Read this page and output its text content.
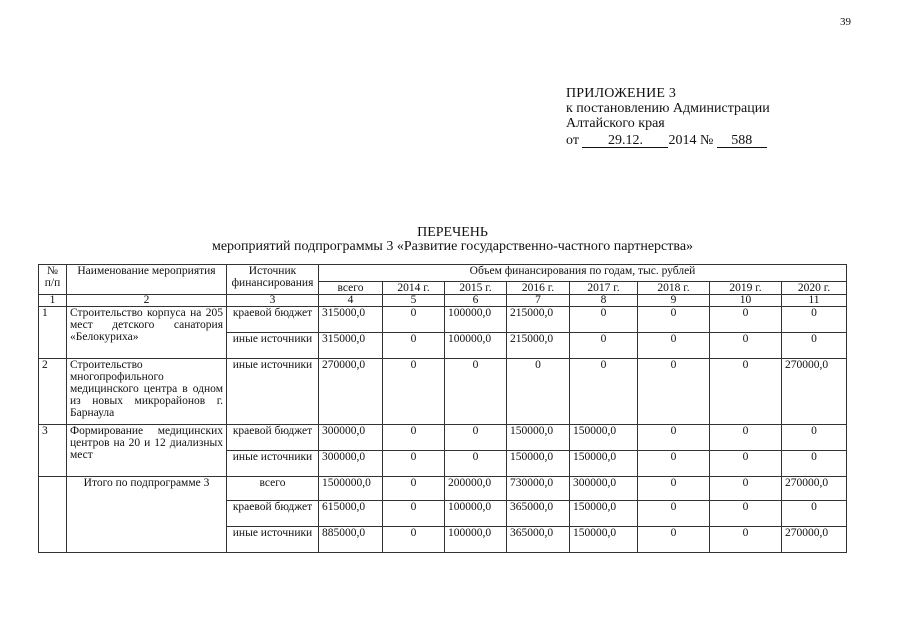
39
ПРИЛОЖЕНИЕ 3
к постановлению Администрации
Алтайского края
от 29.12. 2014 № 588
ПЕРЕЧЕНЬ
мероприятий подпрограммы 3 «Развитие государственно-частного партнерства»
№ п/п	Наименование мероприятия	Источник финансирования	Объем финансирования по годам, тыс. рублей							
			всего	2014 г.	2015 г.	2016 г.	2017 г.	2018 г.	2019 г.	2020 г.
1	2	3	4	5	6	7	8	9	10	11
1	Строительство корпуса на 205 мест детского санатория «Белокуриха»	краевой бюджет	315000,0	0	100000,0	215000,0	0	0	0	0
		иные источники	315000,0	0	100000,0	215000,0	0	0	0	0
2	Строительство многопрофильного медицинского центра в одном из новых микрорайонов г. Барнаула	иные источники	270000,0	0	0	0	0	0	0	270000,0
3	Формирование медицинских центров на 20 и 12 диализных мест	краевой бюджет	300000,0	0	0	150000,0	150000,0	0	0	0
		иные источники	300000,0	0	0	150000,0	150000,0	0	0	0
	Итого по подпрограмме 3	всего	1500000,0	0	200000,0	730000,0	300000,0	0	0	270000,0
		краевой бюджет	615000,0	0	100000,0	365000,0	150000,0	0	0	0
		иные источники	885000,0	0	100000,0	365000,0	150000,0	0	0	270000,0
